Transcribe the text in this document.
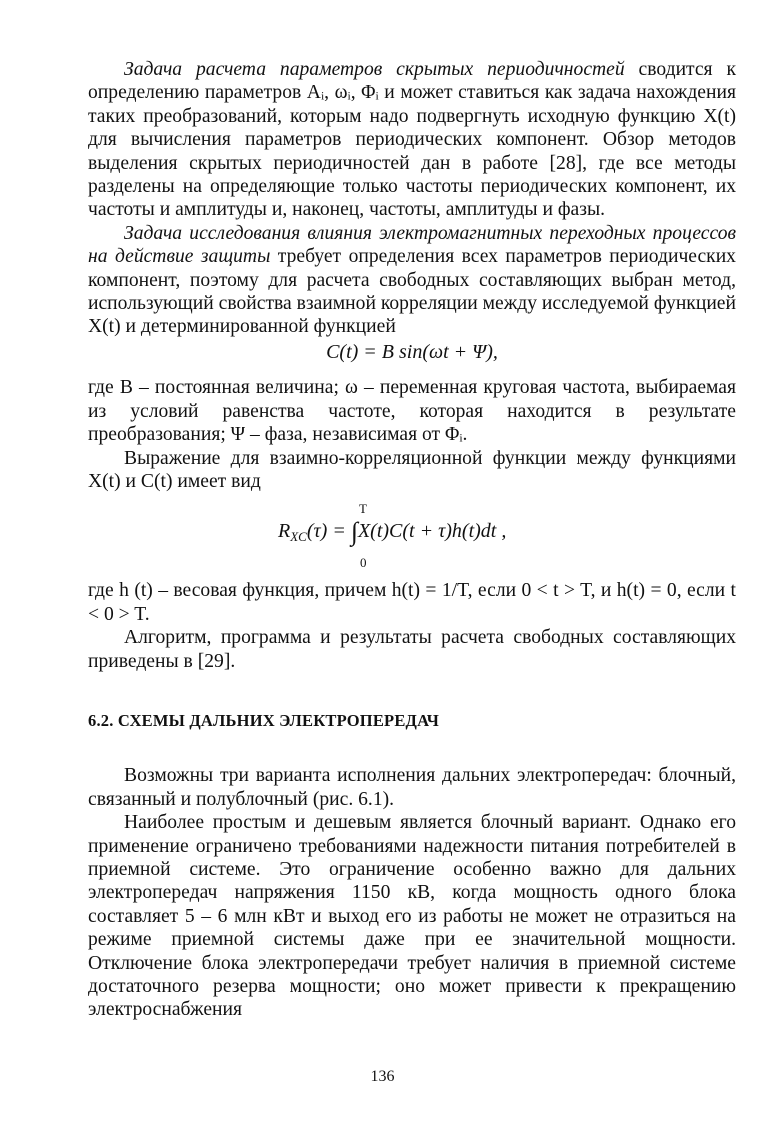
Задача расчета параметров скрытых периодичностей сводится к определению параметров Aᵢ, ωᵢ, Φᵢ и может ставиться как задача нахождения таких преобразований, которым надо подвергнуть исходную функцию X(t) для вычисления параметров периодических компонент. Обзор методов выделения скрытых периодичностей дан в работе [28], где все методы разделены на определяющие только частоты периодических компонент, их частоты и амплитуды и, наконец, частоты, амплитуды и фазы.

Задача исследования влияния электромагнитных переходных процессов на действие защиты требует определения всех параметров периодических компонент, поэтому для расчета свободных составляющих выбран метод, использующий свойства взаимной корреляции между исследуемой функцией X(t) и детерминированной функцией

C(t) = B sin(ωt + Ψ),

где B – постоянная величина; ω – переменная круговая частота, выбираемая из условий равенства частоте, которая находится в результате преобразования; Ψ – фаза, независимая от Φᵢ.

Выражение для взаимно-корреляционной функции между функциями X(t) и C(t) имеет вид

T
$R_{XC}(\tau) = \int X(t)C(t + \tau)h(t)dt$ ,
0

где h (t) – весовая функция, причем h(t) = 1/T, если 0 < t > T, и h(t) = 0, если t < 0 > T.

Алгоритм, программа и результаты расчета свободных составляющих приведены в [29].

6.2. СХЕМЫ ДАЛЬНИХ ЭЛЕКТРОПЕРЕДАЧ

Возможны три варианта исполнения дальних электропередач: блочный, связанный и полублочный (рис. 6.1).

Наиболее простым и дешевым является блочный вариант. Однако его применение ограничено требованиями надежности питания потребителей в приемной системе. Это ограничение особенно важно для дальних электропередач напряжения 1150 кВ, когда мощность одного блока составляет 5 – 6 млн кВт и выход его из работы не может не отразиться на режиме приемной системы даже при ее значительной мощности. Отключение блока электропередачи требует наличия в приемной системе достаточного резерва мощности; оно может привести к прекращению электроснабжения

136
